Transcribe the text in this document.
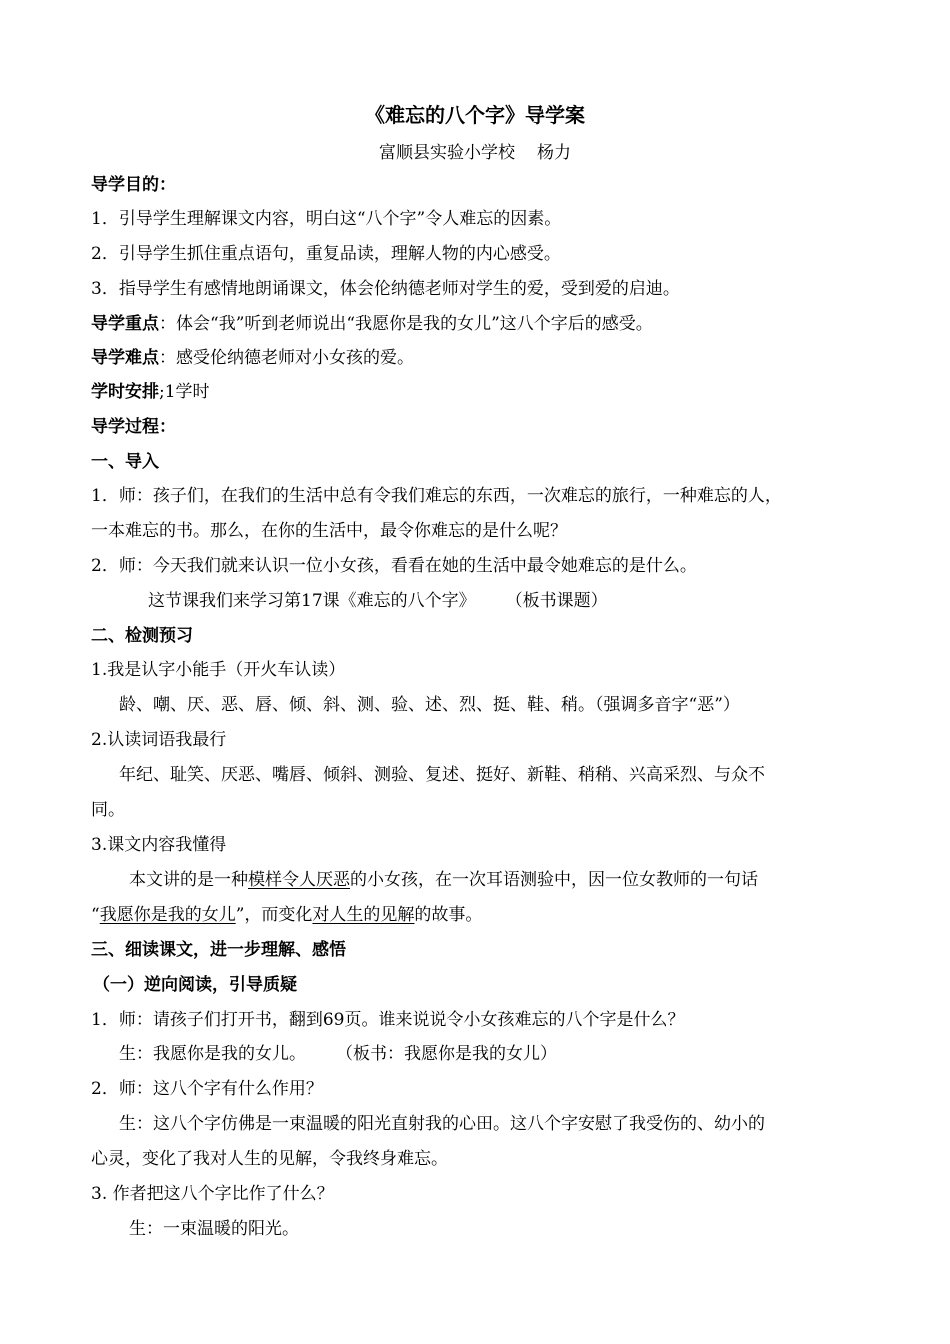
《难忘的八个字》导学案
富顺县实验小学校 杨力
导学目的：
1．引导学生理解课文内容，明白这“八个字”令人难忘的因素。
2．引导学生抓住重点语句，重复品读，理解人物的内心感受。
3．指导学生有感情地朗诵课文，体会伦纳德老师对学生的爱，受到爱的启迪。
导学重点：体会“我”听到老师说出“我愿你是我的女儿”这八个字后的感受。
导学难点：感受伦纳德老师对小女孩的爱。
学时安排;1学时
导学过程：
一、导入
1．师：孩子们，在我们的生活中总有令我们难忘的东西，一次难忘的旅行，一种难忘的人，
一本难忘的书。那么，在你的生活中，最令你难忘的是什么呢？
2．师：今天我们就来认识一位小女孩，看看在她的生活中最令她难忘的是什么。
这节课我们来学习第17课《难忘的八个字》 （板书课题）
二、检测预习
1.我是认字小能手（开火车认读）
龄、嘲、厌、恶、唇、倾、斜、测、验、述、烈、挺、鞋、稍。（强调多音字“恶”）
2.认读词语我最行
年纪、耻笑、厌恶、嘴唇、倾斜、测验、复述、挺好、新鞋、稍稍、兴高采烈、与众不
同。
3.课文内容我懂得
本文讲的是一种模样令人厌恶的小女孩，在一次耳语测验中，因一位女教师的一句话
“我愿你是我的女儿”，而变化对人生的见解的故事。
三、细读课文，进一步理解、感悟
（一）逆向阅读，引导质疑
1．师：请孩子们打开书，翻到69页。谁来说说令小女孩难忘的八个字是什么？
生：我愿你是我的女儿。 （板书：我愿你是我的女儿）
2．师：这八个字有什么作用？
生：这八个字仿佛是一束温暖的阳光直射我的心田。这八个字安慰了我受伤的、幼小的
心灵，变化了我对人生的见解，令我终身难忘。
3. 作者把这八个字比作了什么？
生：一束温暖的阳光。
